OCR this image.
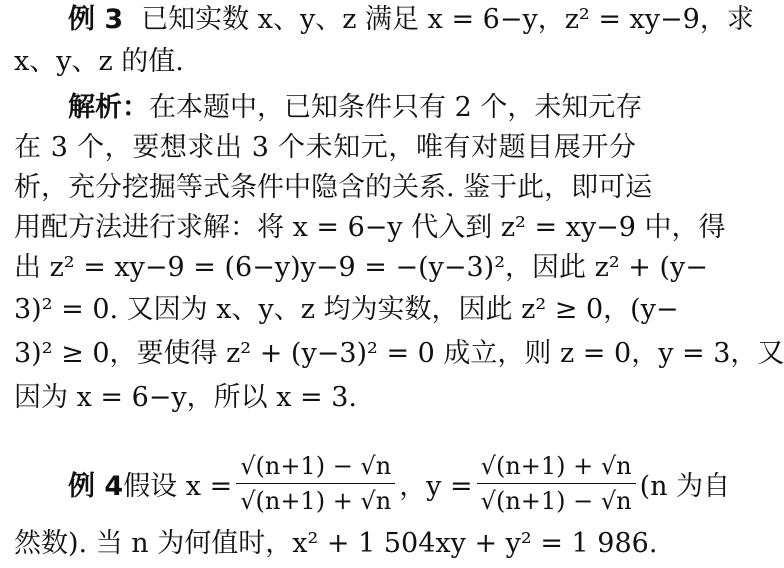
例 3 已知实数 x、y、z 满足 x = 6−y，z² = xy−9，求
x、y、z 的值.
解析：在本题中，已知条件只有 2 个，未知元存
在 3 个，要想求出 3 个未知元，唯有对题目展开分
析，充分挖掘等式条件中隐含的关系. 鉴于此，即可运
用配方法进行求解：将 x = 6−y 代入到 z² = xy−9 中，得
出 z² = xy−9 = (6−y)y−9 = −(y−3)²，因此 z² + (y−
3)² = 0. 又因为 x、y、z 均为实数，因此 z² ≥ 0，(y−
3)² ≥ 0，要使得 z² + (y−3)² = 0 成立，则 z = 0，y = 3，又
因为 x = 6−y，所以 x = 3.
例 4 假设 $x = \frac{√(n+1) - √n}{√(n+1) + √n}$ ，$y = \frac{√(n+1) + √n}{√(n+1) - √n} (n$ 为自
然数). 当 n 为何值时，x² + 1 504xy + y² = 1 986.
